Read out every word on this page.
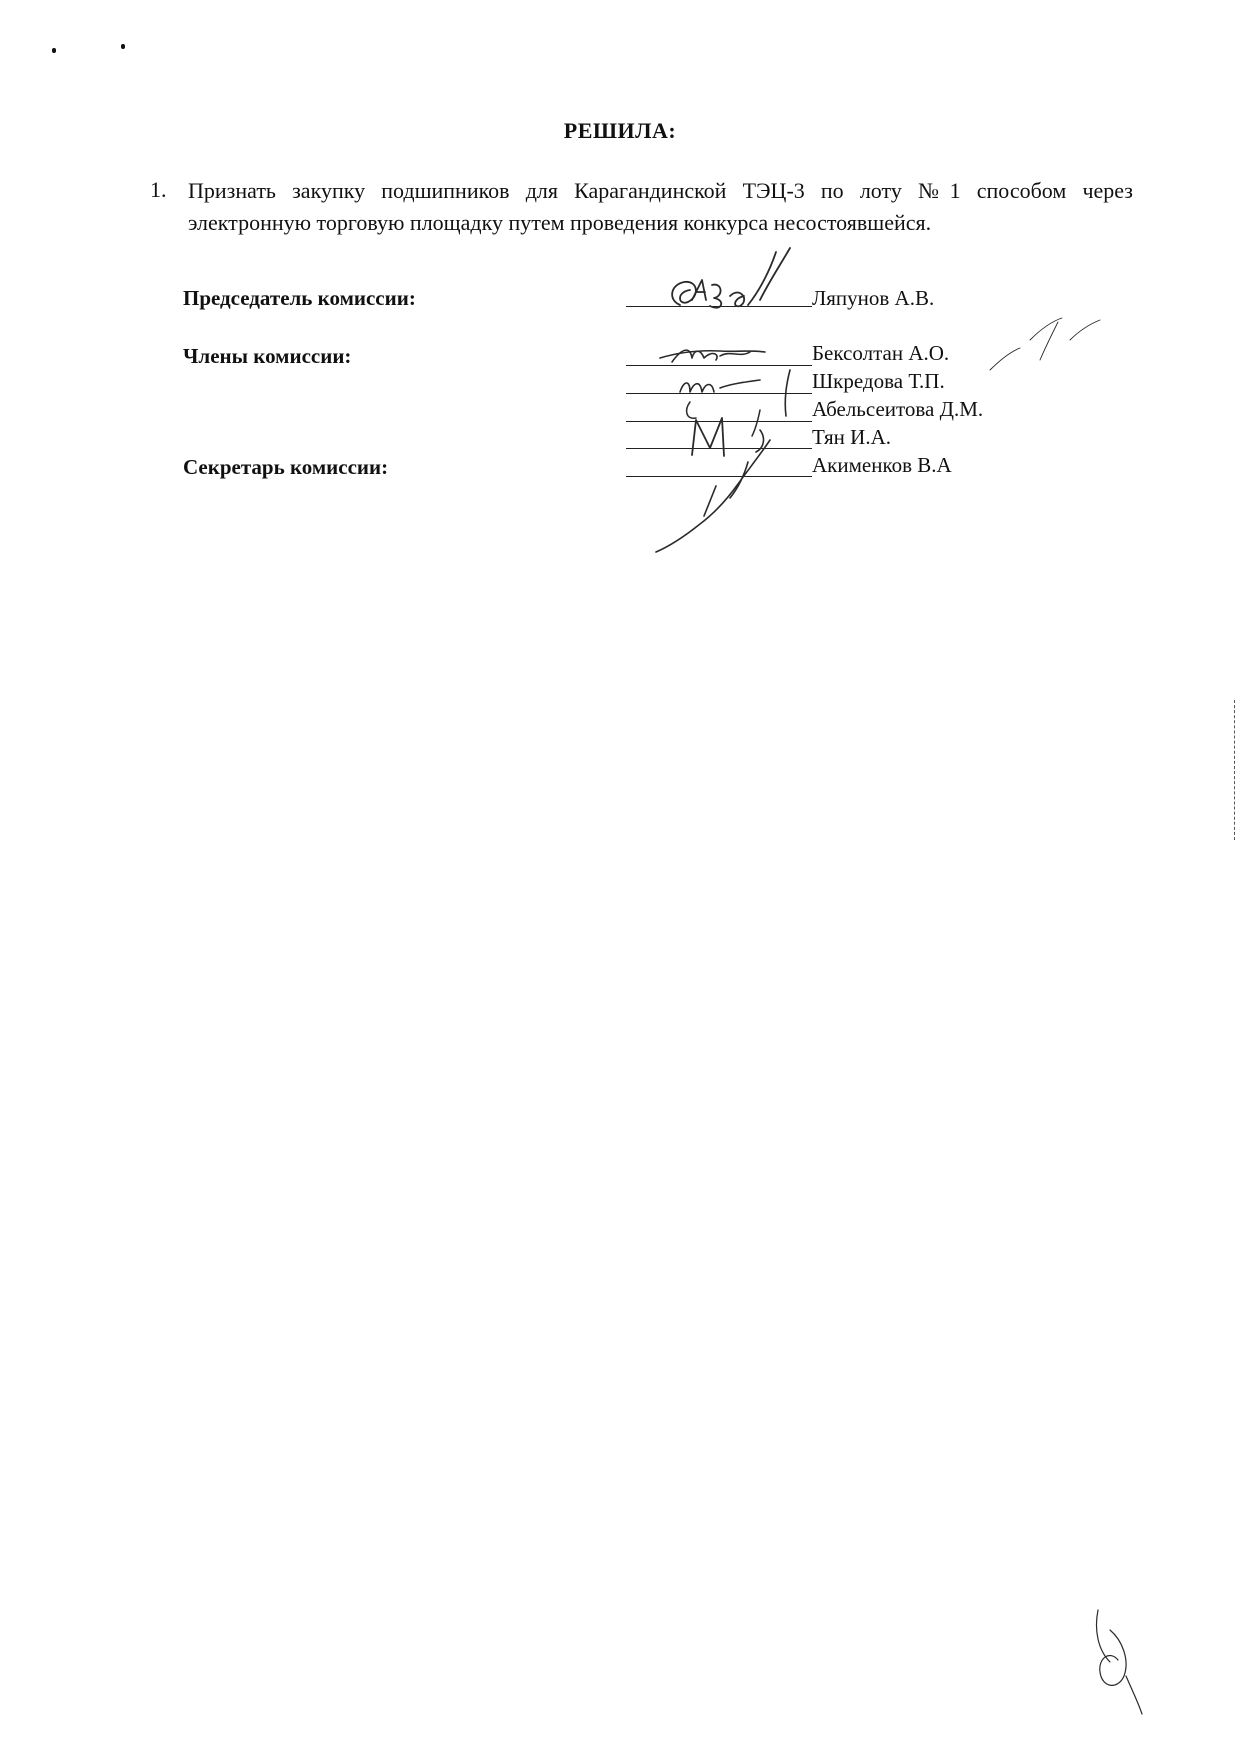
РЕШИЛА:
1. Признать закупку подшипников для Карагандинской ТЭЦ-3 по лоту №1 способом через электронную торговую площадку путем проведения конкурса несостоявшейся.
Председатель комиссии:
Члены комиссии:
Секретарь комиссии:
Ляпунов А.В.
Бексолтан А.О.
Шкредова Т.П.
Абельсеитова Д.М.
Тян И.А.
Акименков В.А
